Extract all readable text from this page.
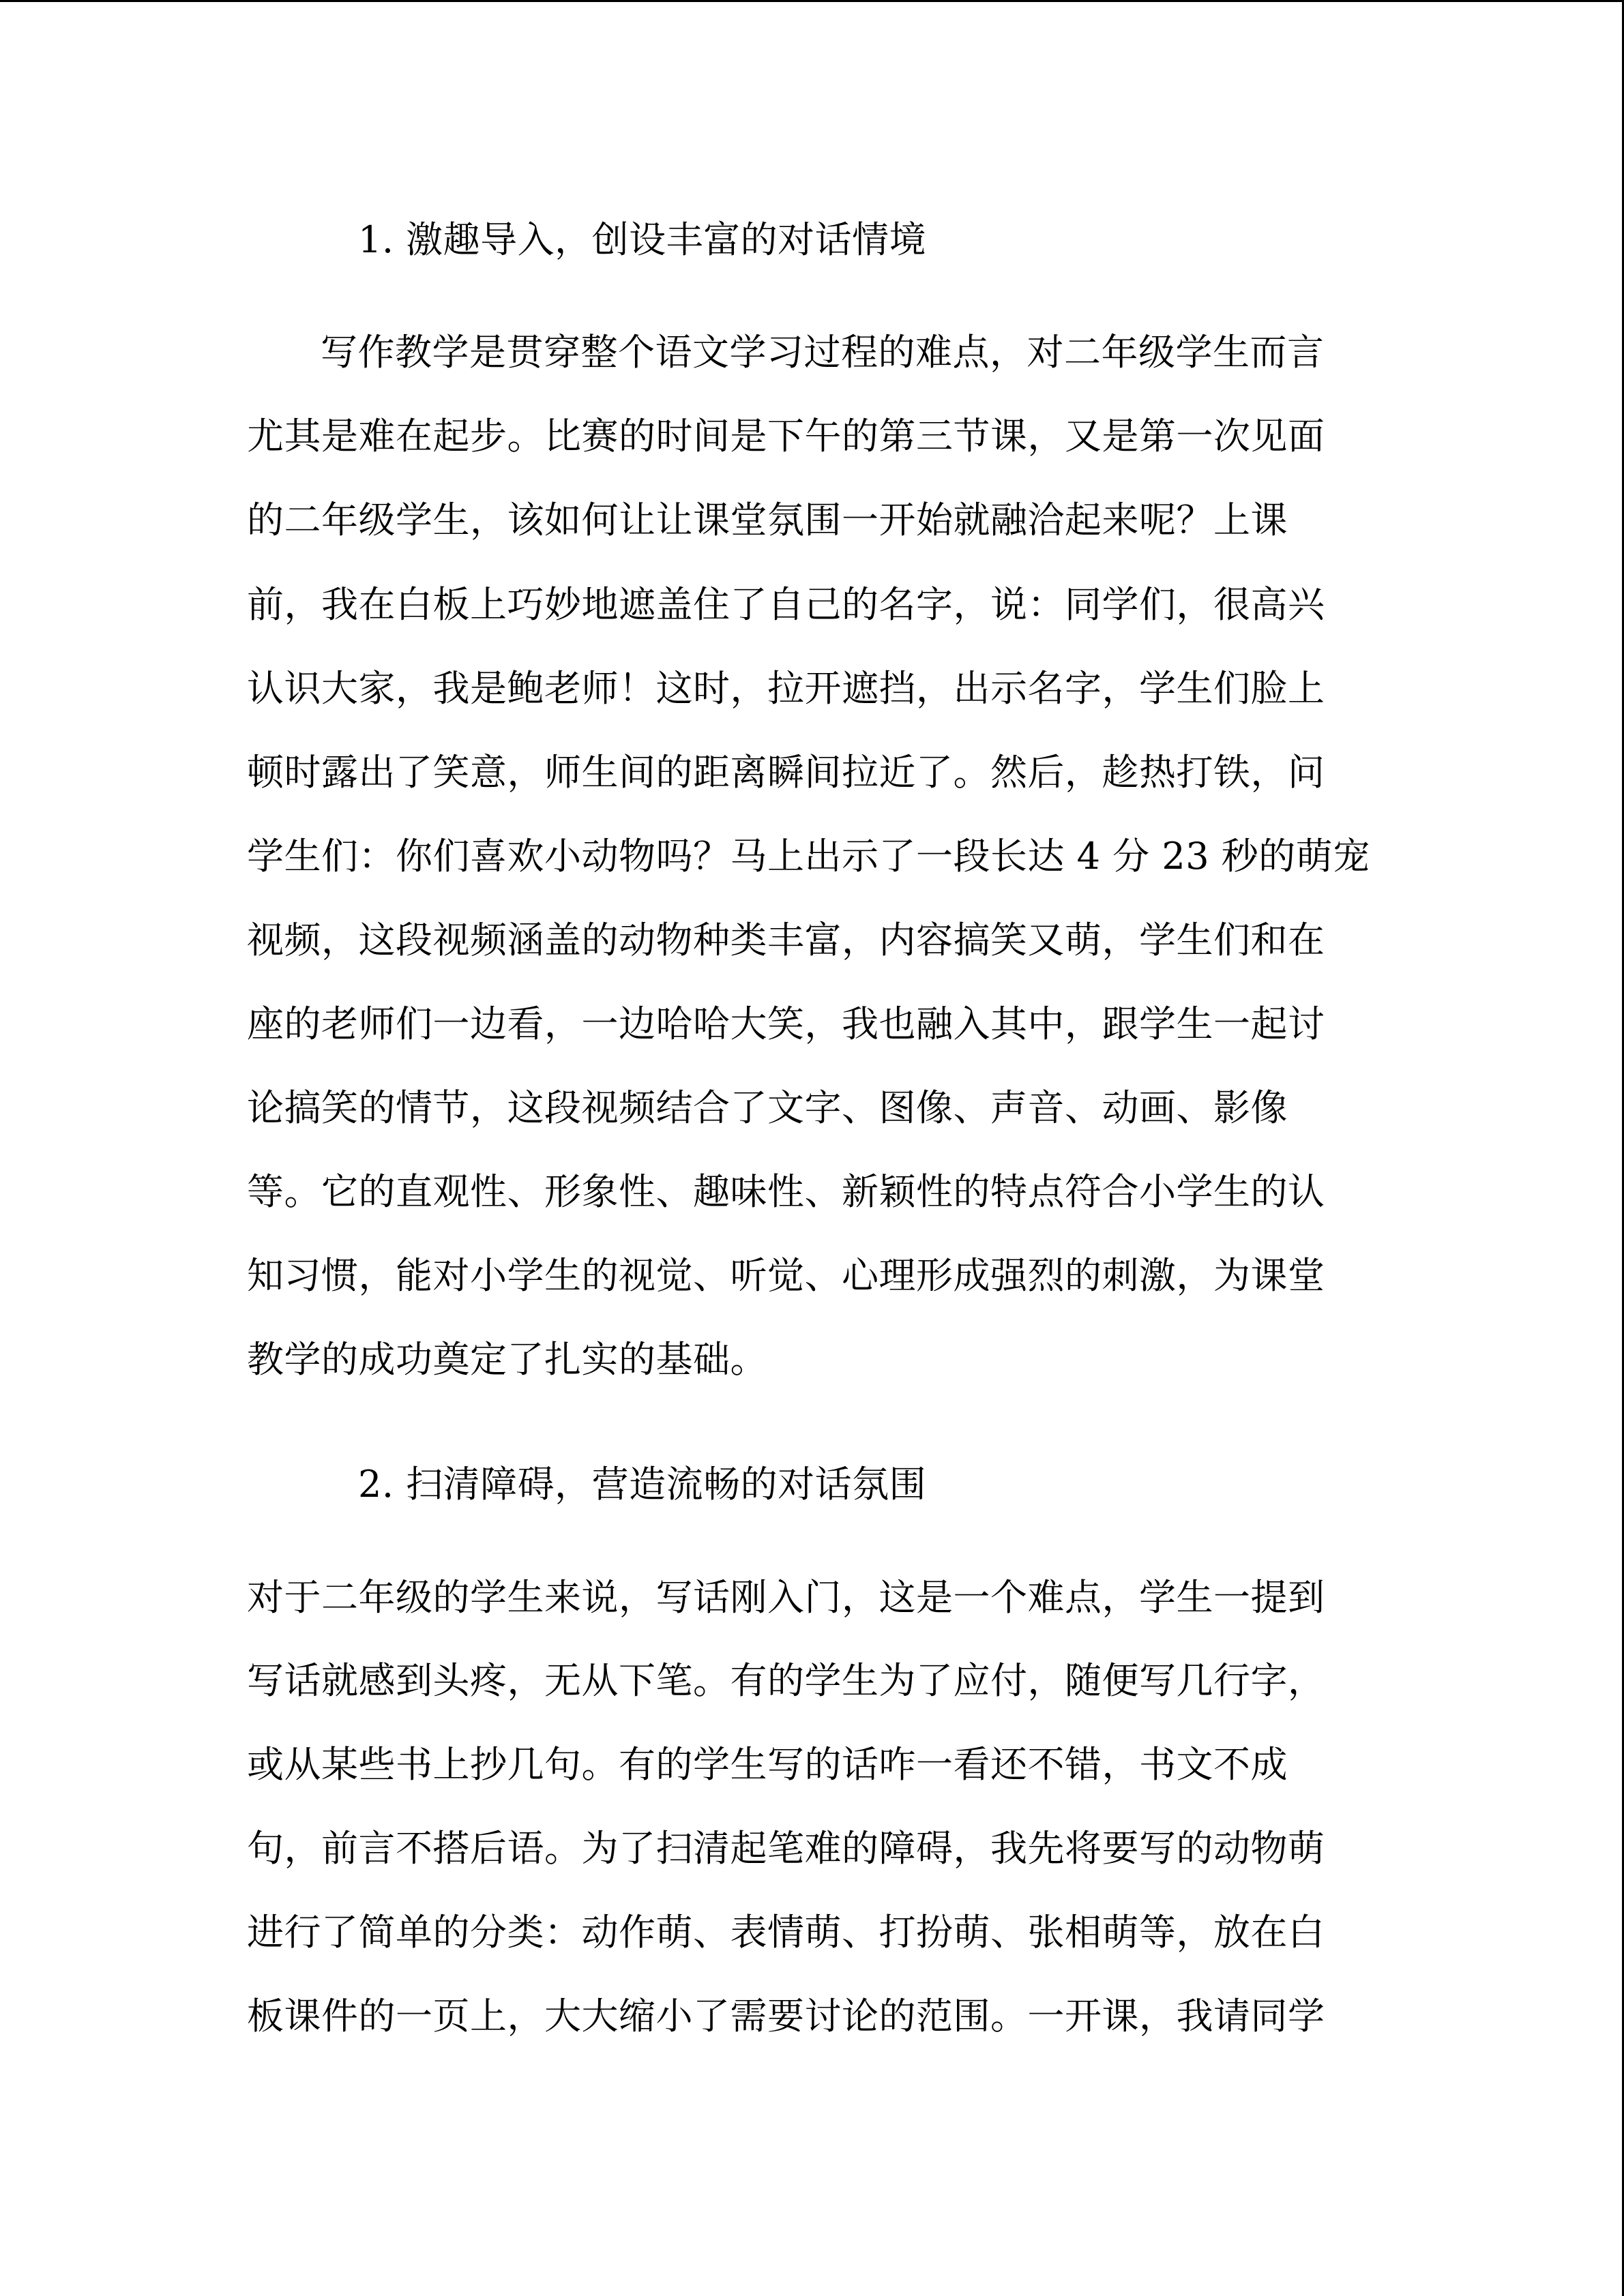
1. 激趣导入，创设丰富的对话情境
写作教学是贯穿整个语文学习过程的难点，对二年级学生而言
尤其是难在起步。比赛的时间是下午的第三节课，又是第一次见面
的二年级学生，该如何让让课堂氛围一开始就融洽起来呢？上课
前，我在白板上巧妙地遮盖住了自己的名字，说：同学们，很高兴
认识大家，我是鲍老师！这时，拉开遮挡，出示名字，学生们脸上
顿时露出了笑意，师生间的距离瞬间拉近了。然后，趁热打铁，问
学生们：你们喜欢小动物吗？马上出示了一段长达 4 分 23 秒的萌宠
视频，这段视频涵盖的动物种类丰富，内容搞笑又萌，学生们和在
座的老师们一边看，一边哈哈大笑，我也融入其中，跟学生一起讨
论搞笑的情节，这段视频结合了文字、图像、声音、动画、影像
等。它的直观性、形象性、趣味性、新颖性的特点符合小学生的认
知习惯，能对小学生的视觉、听觉、心理形成强烈的刺激，为课堂
教学的成功奠定了扎实的基础。
2. 扫清障碍，营造流畅的对话氛围
对于二年级的学生来说，写话刚入门，这是一个难点，学生一提到
写话就感到头疼，无从下笔。有的学生为了应付，随便写几行字，
或从某些书上抄几句。有的学生写的话咋一看还不错，书文不成
句，前言不搭后语。为了扫清起笔难的障碍，我先将要写的动物萌
进行了简单的分类：动作萌、表情萌、打扮萌、张相萌等，放在白
板课件的一页上，大大缩小了需要讨论的范围。一开课，我请同学
